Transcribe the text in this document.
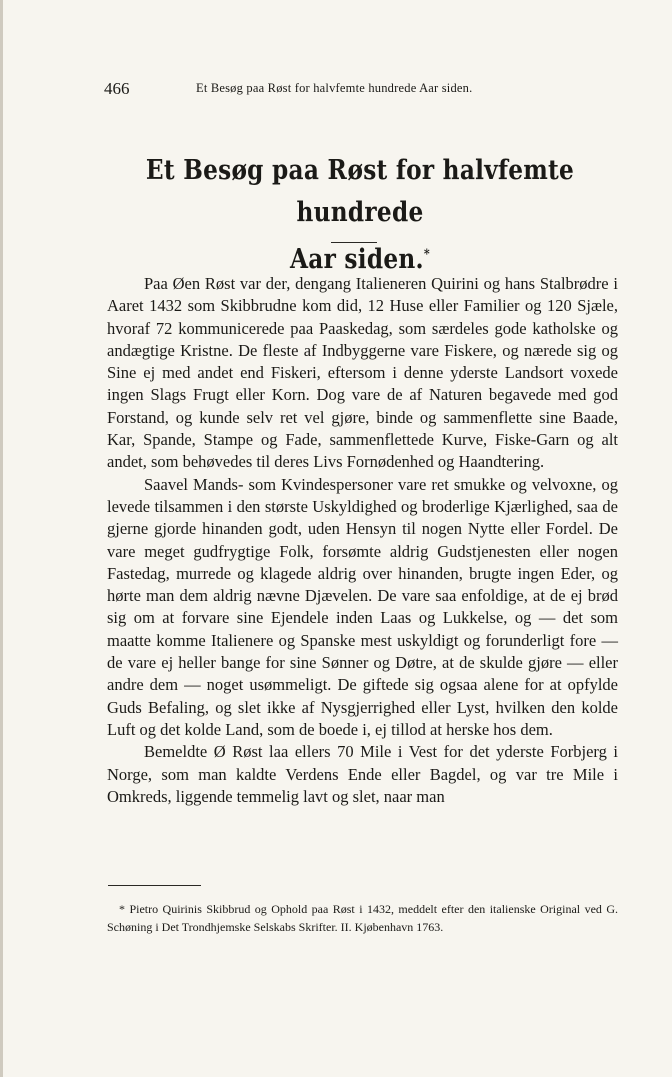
466	Et Besøg paa Røst for halvfemte hundrede Aar siden.
Et Besøg paa Røst for halvfemte hundrede
Aar siden.*

Paa Øen Røst var der, dengang Italieneren Quirini og hans Stalbrødre i Aaret 1432 som Skibbrudne kom did, 12 Huse eller Familier og 120 Sjæle, hvoraf 72 kommunicerede paa Paaskedag, som særdeles gode katholske og andægtige Kristne. De fleste af Indbyggerne vare Fiskere, og nærede sig og Sine ej med andet end Fiskeri, eftersom i denne yderste Landsort voxede ingen Slags Frugt eller Korn. Dog vare de af Naturen begavede med god Forstand, og kunde selv ret vel gjøre, binde og sammenflette sine Baade, Kar, Spande, Stampe og Fade, sammenflettede Kurve, Fiske-Garn og alt andet, som behøvedes til deres Livs Fornødenhed og Haandtering.

Saavel Mands- som Kvindespersoner vare ret smukke og velvoxne, og levede tilsammen i den største Uskyldighed og broderlige Kjærlighed, saa de gjerne gjorde hinanden godt, uden Hensyn til nogen Nytte eller Fordel. De vare meget gudfrygtige Folk, forsømte aldrig Gudstjenesten eller nogen Fastedag, murrede og klagede aldrig over hinanden, brugte ingen Eder, og hørte man dem aldrig nævne Djævelen. De vare saa enfoldige, at de ej brød sig om at forvare sine Ejendele inden Laas og Lukkelse, og — det som maatte komme Italienere og Spanske mest uskyldigt og forunderligt fore — de vare ej heller bange for sine Sønner og Døtre, at de skulde gjøre — eller andre dem — noget usømmeligt. De giftede sig ogsaa alene for at opfylde Guds Befaling, og slet ikke af Nysgjerrighed eller Lyst, hvilken den kolde Luft og det kolde Land, som de boede i, ej tillod at herske hos dem.

Bemeldte Ø Røst laa ellers 70 Mile i Vest for det yderste Forbjerg i Norge, som man kaldte Verdens Ende eller Bagdel, og var tre Mile i Omkreds, liggende temmelig lavt og slet, naar man

* Pietro Quirinis Skibbrud og Ophold paa Røst i 1432, meddelt efter den italienske Original ved G. Schøning i Det Trondhjemske Selskabs Skrifter. II. Kjøbenhavn 1763.
